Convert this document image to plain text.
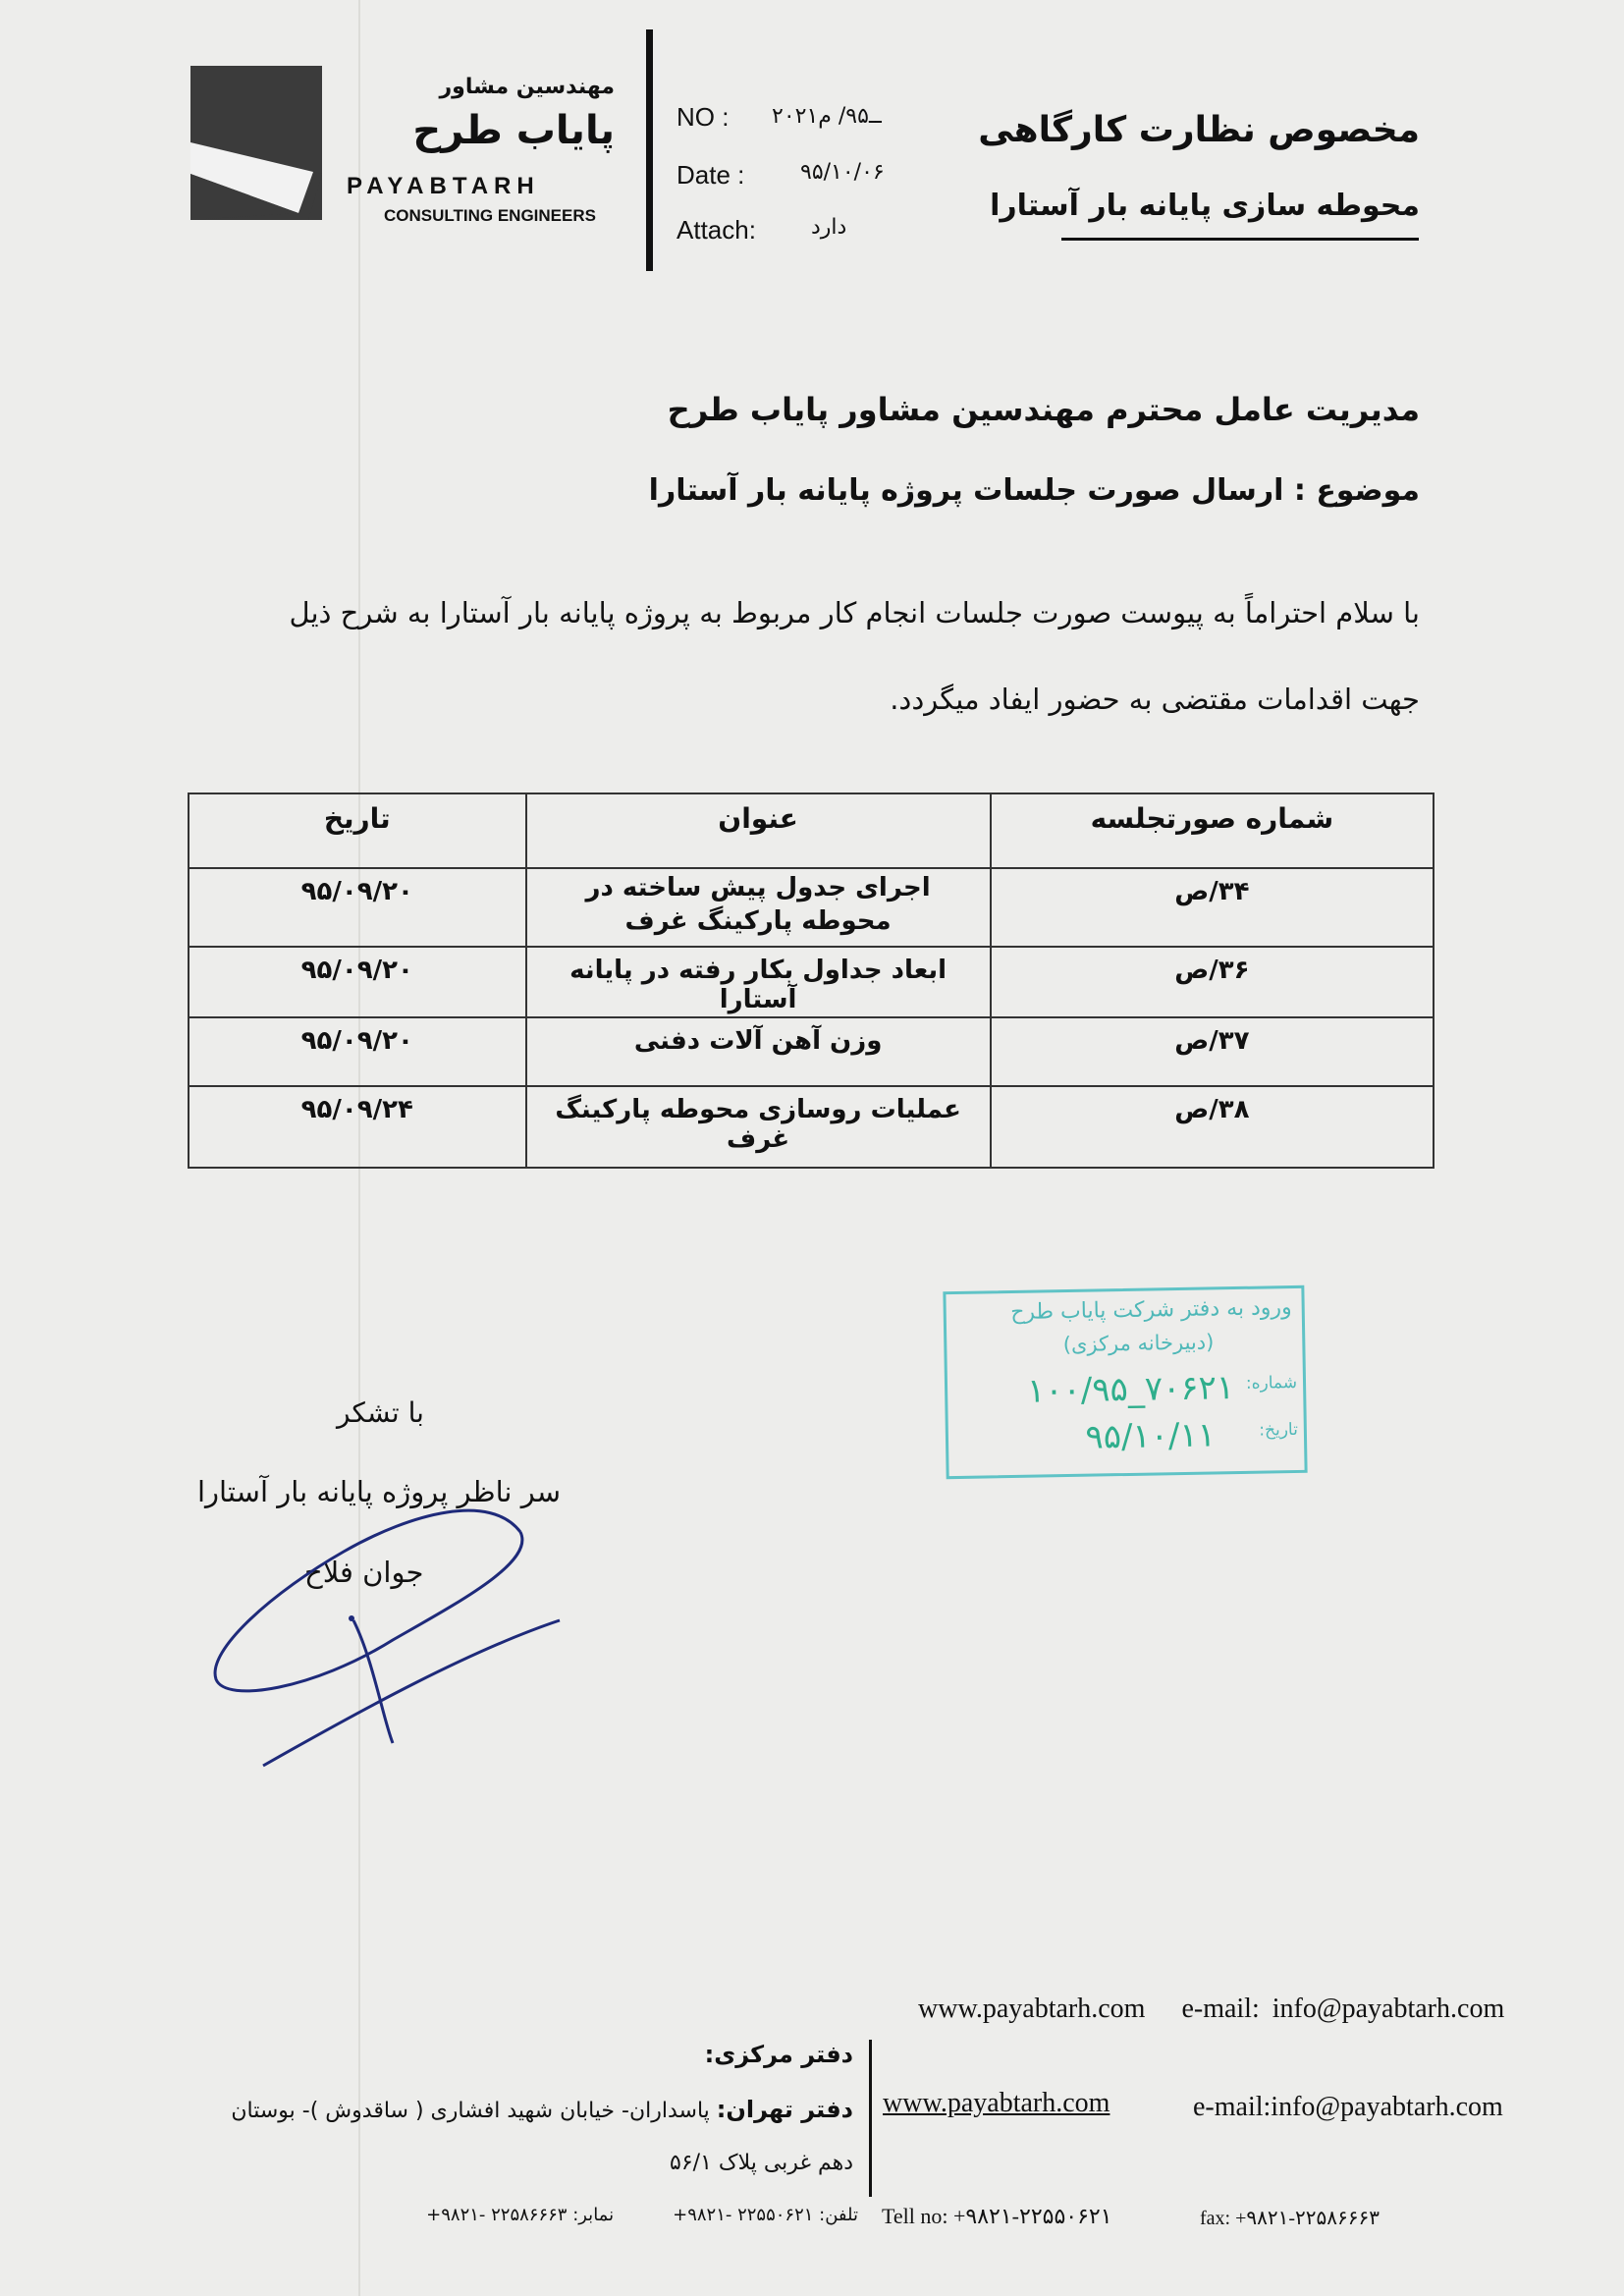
مهندسین مشاور
پایاب طرح
PAYABTARH
CONSULTING ENGINEERS
NO : ۲۰۲۱ــ۹۵/ م
Date :	۹۵/۱۰/۰۶
Attach:	دارد
مخصوص نظارت کارگاهی
محوطه سازی پایانه بار آستارا
مدیریت عامل محترم مهندسین مشاور پایاب طرح
موضوع : ارسال صورت جلسات پروژه پایانه بار آستارا
با سلام احتراماً به پیوست صورت جلسات انجام کار مربوط به پروژه پایانه بار آستارا به شرح ذیل
جهت اقدامات مقتضی به حضور ایفاد میگردد.
شماره صورتجلسه	عنوان	تاریخ
۳۴/ص	اجرای جدول پیش ساخته در محوطه پارکینگ غرف	۹۵/۰۹/۲۰
۳۶/ص	ابعاد جداول بکار رفته در پایانه آستارا	۹۵/۰۹/۲۰
۳۷/ص	وزن آهن آلات دفنی	۹۵/۰۹/۲۰
۳۸/ص	عملیات روسازی محوطه پارکینگ غرف	۹۵/۰۹/۲۴
ورود به دفتر شرکت پایاب طرح
(دبیرخانه مرکزی)
شماره:
۱۰۰/۹۵_۷۰۶۲۱
تاریخ:
۹۵/۱۰/۱۱
با تشکر
سر ناظر پروژه پایانه بار آستارا
جوان فلاح
www.payabtarh.com e-mail: info@payabtarh.com
دفتر مرکزی:
دفتر تهران: پاسداران- خیابان شهید افشاری ( ساقدوش )- بوستان
دهم غربی پلاک ۵۶/۱
www.payabtarh.com	e-mail:info@payabtarh.com
Tell no: +۹۸۲۱-۲۲۵۵۰۶۲۱	fax: +۹۸۲۱-۲۲۵۸۶۶۶۳
تلفن: ۲۲۵۵۰۶۲۱ -۹۸۲۱+نمابر: ۲۲۵۸۶۶۶۳ -۹۸۲۱+
